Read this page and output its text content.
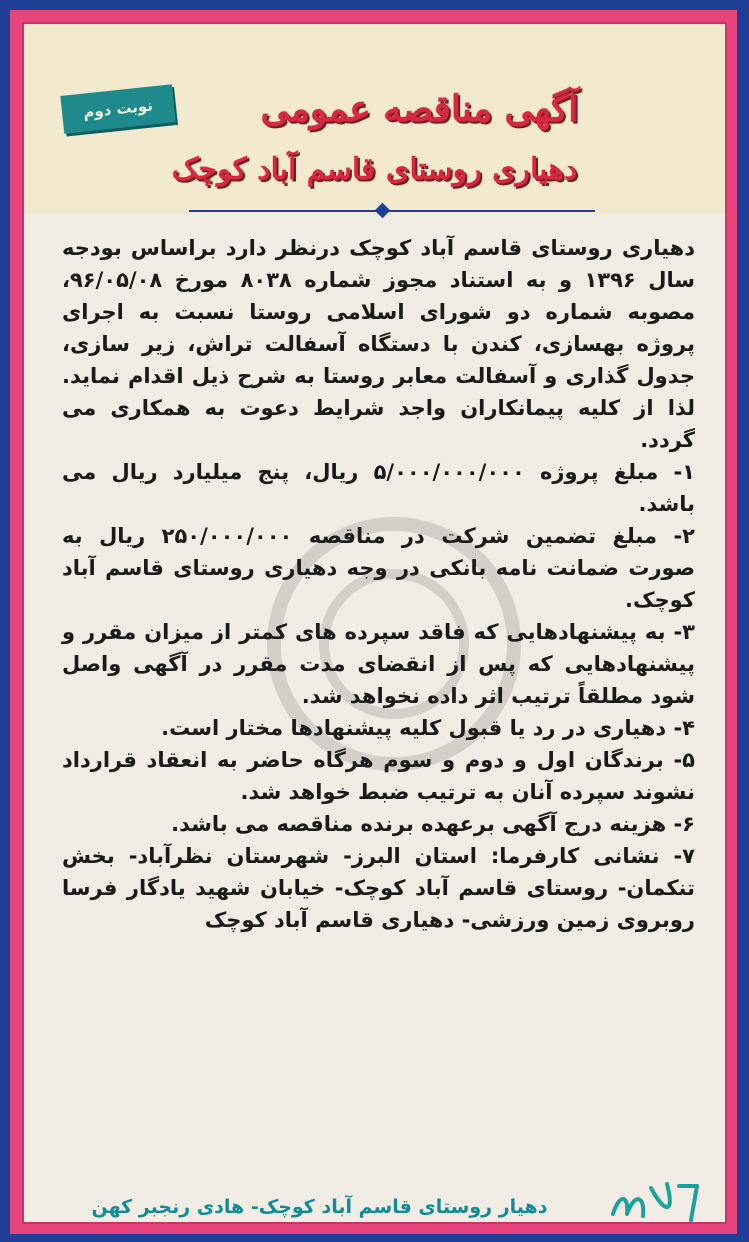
نوبت دوم	آگهی مناقصه عمومی
دهیاری روستای قاسم آباد کوچک

دهیاری روستای قاسم آباد کوچک درنظر دارد براساس بودجه سال ۱۳۹۶ و به استناد مجوز شماره ۸۰۳۸ مورخ ۹۶/۰۵/۰۸، مصوبه شماره دو شورای اسلامی روستا نسبت به اجرای پروژه بهسازی، کندن با دستگاه آسفالت تراش، زیر سازی، جدول گذاری و آسفالت معابر روستا به شرح ذیل اقدام نماید. لذا از کلیه پیمانکاران واجد شرایط دعوت به همکاری می گردد.

۱- مبلغ پروژه ۵/۰۰۰/۰۰۰/۰۰۰ ریال، پنج میلیارد ریال می باشد.

۲- مبلغ تضمین شرکت در مناقصه ۲۵۰/۰۰۰/۰۰۰ ریال به صورت ضمانت نامه بانکی در وجه دهیاری روستای قاسم آباد کوچک.

۳- به پیشنهادهایی که فاقد سپرده های کمتر از میزان مقرر و پیشنهادهایی که پس از انقضای مدت مقرر در آگهی واصل شود مطلقاً ترتیب اثر داده نخواهد شد.

۴- دهیاری در رد یا قبول کلیه پیشنهادها مختار است.

۵- برندگان اول و دوم و سوم هرگاه حاضر به انعقاد قرارداد نشوند سپرده آنان به ترتیب ضبط خواهد شد.

۶- هزینه درج آگهی برعهده برنده مناقصه می باشد.

۷- نشانی کارفرما: استان البرز- شهرستان نظرآباد- بخش تنکمان- روستای قاسم آباد کوچک- خیابان شهید یادگار فرسا روبروی زمین ورزشی- دهیاری قاسم آباد کوچک

دهیار روستای قاسم آباد کوچک- هادی رنجبر کهن
